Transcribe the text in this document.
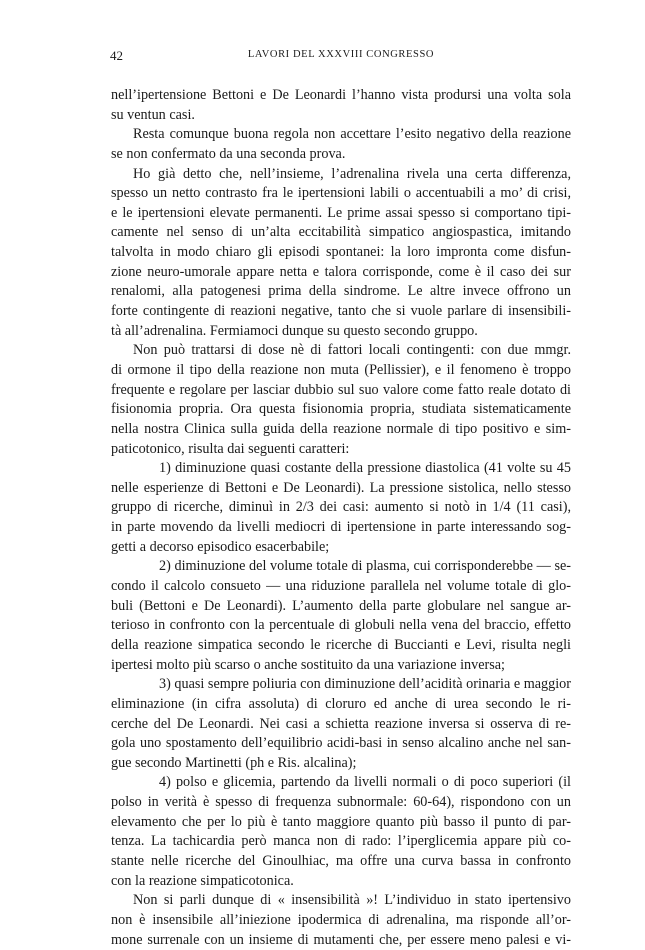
42	LAVORI DEL XXXVIII CONGRESSO
nell’ipertensione Bettoni e De Leonardi l’hanno vista prodursi una volta sola
su ventun casi.
Resta comunque buona regola non accettare l’esito negativo della reazione
se non confermato da una seconda prova.
Ho già detto che, nell’insieme, l’adrenalina rivela una certa differenza,
spesso un netto contrasto fra le ipertensioni labili o accentuabili a mo’ di crisi,
e le ipertensioni elevate permanenti. Le prime assai spesso si comportano tipi-
camente nel senso di un’alta eccitabilità simpatico angiospastica, imitando
talvolta in modo chiaro gli episodi spontanei: la loro impronta come disfun-
zione neuro-umorale appare netta e talora corrisponde, come è il caso dei sur
renalomi, alla patogenesi prima della sindrome. Le altre invece offrono un
forte contingente di reazioni negative, tanto che si vuole parlare di insensibili-
tà all’adrenalina. Fermiamoci dunque su questo secondo gruppo.
Non può trattarsi di dose nè di fattori locali contingenti: con due mmgr.
di ormone il tipo della reazione non muta (Pellissier), e il fenomeno è troppo
frequente e regolare per lasciar dubbio sul suo valore come fatto reale dotato di
fisionomia propria. Ora questa fisionomia propria, studiata sistematicamente
nella nostra Clinica sulla guida della reazione normale di tipo positivo e sim-
paticotonico, risulta dai seguenti caratteri:
1) diminuzione quasi costante della pressione diastolica (41 volte su 45
nelle esperienze di Bettoni e De Leonardi). La pressione sistolica, nello stesso
gruppo di ricerche, diminuì in 2/3 dei casi: aumento si notò in 1/4 (11 casi),
in parte movendo da livelli mediocri di ipertensione in parte interessando sog-
getti a decorso episodico esacerbabile;
2) diminuzione del volume totale di plasma, cui corrisponderebbe — se-
condo il calcolo consueto — una riduzione parallela nel volume totale di glo-
buli (Bettoni e De Leonardi). L’aumento della parte globulare nel sangue ar-
terioso in confronto con la percentuale di globuli nella vena del braccio, effetto
della reazione simpatica secondo le ricerche di Buccianti e Levi, risulta negli
ipertesi molto più scarso o anche sostituito da una variazione inversa;
3) quasi sempre poliuria con diminuzione dell’acidità orinaria e maggior
eliminazione (in cifra assoluta) di cloruro ed anche di urea secondo le ri-
cerche del De Leonardi. Nei casi a schietta reazione inversa si osserva di re-
gola uno spostamento dell’equilibrio acidi-basi in senso alcalino anche nel san-
gue secondo Martinetti (ph e Ris. alcalina);
4) polso e glicemia, partendo da livelli normali o di poco superiori (il
polso in verità è spesso di frequenza subnormale: 60-64), rispondono con un
elevamento che per lo più è tanto maggiore quanto più basso il punto di par-
tenza. La tachicardia però manca non di rado: l’iperglicemia appare più co-
stante nelle ricerche del Ginoulhiac, ma offre una curva bassa in confronto
con la reazione simpaticotonica.
Non si parli dunque di « insensibilità »! L’individuo in stato ipertensivo
non è insensibile all’iniezione ipodermica di adrenalina, ma risponde all’or-
mone surrenale con un insieme di mutamenti che, per essere meno palesi e vi-
